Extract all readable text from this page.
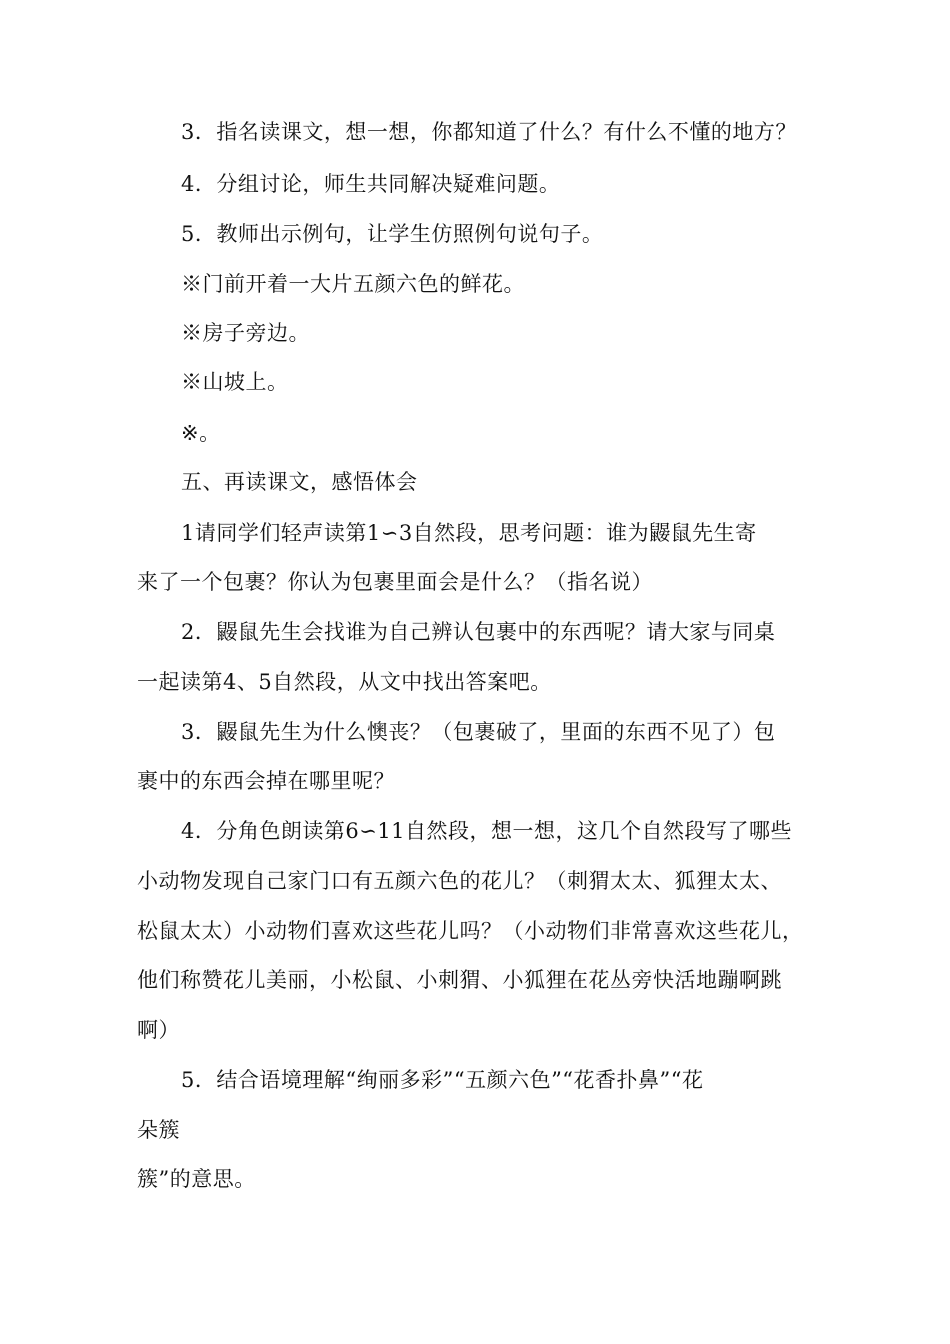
3．指名读课文，想一想，你都知道了什么？有什么不懂的地方？
4．分组讨论，师生共同解决疑难问题。
5．教师出示例句，让学生仿照例句说句子。
※门前开着一大片五颜六色的鲜花。
※房子旁边。
※山坡上。
※。
五、再读课文，感悟体会
1请同学们轻声读第1∽3自然段，思考问题：谁为鼹鼠先生寄
来了一个包裹？你认为包裹里面会是什么？（指名说）
2．鼹鼠先生会找谁为自己辨认包裹中的东西呢？请大家与同桌
一起读第4、5自然段，从文中找出答案吧。
3．鼹鼠先生为什么懊丧？（包裹破了，里面的东西不见了）包
裹中的东西会掉在哪里呢？
4．分角色朗读第6∽11自然段，想一想，这几个自然段写了哪些
小动物发现自己家门口有五颜六色的花儿？（刺猬太太、狐狸太太、
松鼠太太）小动物们喜欢这些花儿吗？（小动物们非常喜欢这些花儿，
他们称赞花儿美丽，小松鼠、小刺猬、小狐狸在花丛旁快活地蹦啊跳
啊）
5．结合语境理解“绚丽多彩”“五颜六色”“花香扑鼻”“花
朵簇
簇”的意思。
